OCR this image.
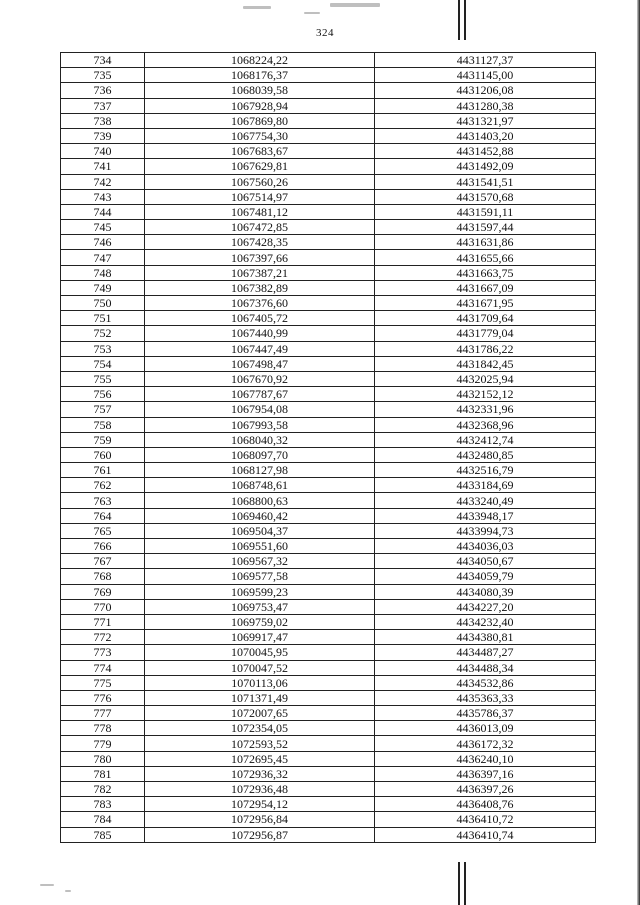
324
734	1068224,22	4431127,37
735	1068176,37	4431145,00
736	1068039,58	4431206,08
737	1067928,94	4431280,38
738	1067869,80	4431321,97
739	1067754,30	4431403,20
740	1067683,67	4431452,88
741	1067629,81	4431492,09
742	1067560,26	4431541,51
743	1067514,97	4431570,68
744	1067481,12	4431591,11
745	1067472,85	4431597,44
746	1067428,35	4431631,86
747	1067397,66	4431655,66
748	1067387,21	4431663,75
749	1067382,89	4431667,09
750	1067376,60	4431671,95
751	1067405,72	4431709,64
752	1067440,99	4431779,04
753	1067447,49	4431786,22
754	1067498,47	4431842,45
755	1067670,92	4432025,94
756	1067787,67	4432152,12
757	1067954,08	4432331,96
758	1067993,58	4432368,96
759	1068040,32	4432412,74
760	1068097,70	4432480,85
761	1068127,98	4432516,79
762	1068748,61	4433184,69
763	1068800,63	4433240,49
764	1069460,42	4433948,17
765	1069504,37	4433994,73
766	1069551,60	4434036,03
767	1069567,32	4434050,67
768	1069577,58	4434059,79
769	1069599,23	4434080,39
770	1069753,47	4434227,20
771	1069759,02	4434232,40
772	1069917,47	4434380,81
773	1070045,95	4434487,27
774	1070047,52	4434488,34
775	1070113,06	4434532,86
776	1071371,49	4435363,33
777	1072007,65	4435786,37
778	1072354,05	4436013,09
779	1072593,52	4436172,32
780	1072695,45	4436240,10
781	1072936,32	4436397,16
782	1072936,48	4436397,26
783	1072954,12	4436408,76
784	1072956,84	4436410,72
785	1072956,87	4436410,74
